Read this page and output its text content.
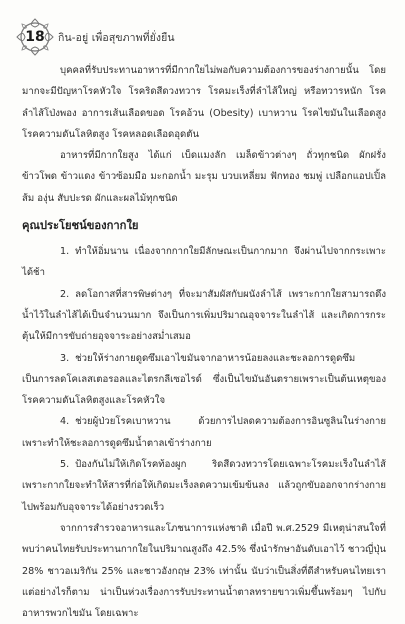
18 กิน-อยู่ เพื่อสุขภาพที่ยั่งยืน

บุคคลที่รับประทานอาหารที่มีกากใยไม่พอกับความต้องการของร่างกายนั้น โดยมากจะมีปัญหาโรคหัวใจ โรคริดสีดวงทวาร โรคมะเร็งที่ลำไส้ใหญ่ หรือทวารหนัก โรคลำไส้โป่งพอง อาการเส้นเลือดขอด โรคอ้วน (Obesity) เบาหวาน โรคไขมันในเลือดสูง โรคความดันโลหิตสูง โรคหลอดเลือดอุดตัน

อาหารที่มีกากใยสูง ได้แก่ เบ็ดแมงลัก เมล็ดข้าวต่างๆ ถั่วทุกชนิด ผักฝรั่ง ข้าวโพด ข้าวแดง ข้าวซ้อมมือ มะกอกน้ำ มะรุม บวบเหลี่ยม ฟักทอง ชมพู่ เปลือกแอปเปิ้ล ส้ม องุ่น สับปะรด ผักและผลไม้ทุกชนิด

คุณประโยชน์ของกากใย

1. ทำให้อิ่มนาน เนื่องจากกากใยมีลักษณะเป็นกากมาก จึงผ่านไปจากกระเพาะได้ช้า

2. ลดโอกาสที่สารพิษต่างๆ ที่จะมาสัมผัสกับผนังลำไส้ เพราะกากใยสามารถดึงน้ำไว้ในลำไส้ได้เป็นจำนวนมาก จึงเป็นการเพิ่มปริมาณอุจจาระในลำไส้ และเกิดการกระตุ้นให้มีการขับถ่ายอุจจาระอย่างสม่ำเสมอ

3. ช่วยให้ร่างกายดูดซึมเอาไขมันจากอาหารน้อยลงและชะลอการดูดซึม เป็นการลดโคเลสเตอรอลและไตรกลีเซอไรด์ ซึ่งเป็นไขมันอันตรายเพราะเป็นต้นเหตุของโรคความดันโลหิตสูงและโรคหัวใจ

4. ช่วยผู้ป่วยโรคเบาหวาน ด้วยการไปลดความต้องการอินซูลินในร่างกาย เพราะทำให้ชะลอการดูดซึมน้ำตาลเข้าร่างกาย

5. ป้องกันไม่ให้เกิดโรคท้องผูก ริดสีดวงทวารโดยเฉพาะโรคมะเร็งในลำไส้ เพราะกากใยจะทำให้สารที่ก่อให้เกิดมะเร็งลดความเข้มข้นลง แล้วถูกขับออกจากร่างกายไปพร้อมกับอุจจาระได้อย่างรวดเร็ว

จากการสำรวจอาหารและโภชนาการแห่งชาติ เมื่อปี พ.ศ.2529 มีเหตุน่าสนใจที่พบว่าคนไทยรับประทานกากใยในปริมาณสูงถึง 42.5% ซึ่งนำรักษาอันดับเอาไว้ ชาวญี่ปุ่น 28% ชาวอเมริกัน 25% และชาวอังกฤษ 23% เท่านั้น นับว่าเป็นสิ่งที่ดีสำหรับคนไทยเรา แต่อย่างไรก็ตาม น่าเป็นห่วงเรื่องการรับประทานน้ำตาลทรายขาวเพิ่มขึ้นพร้อมๆ ไปกับอาหารพวกไขมัน โดยเฉพาะ
